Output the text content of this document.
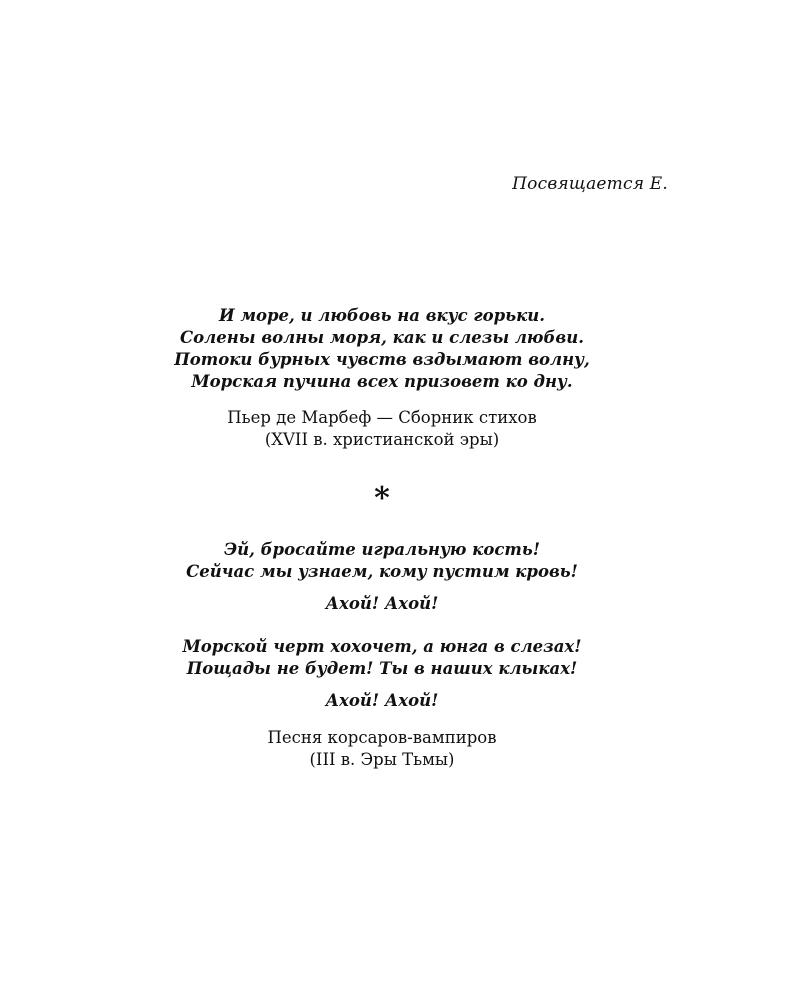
Посвящается Е.
И море, и любовь на вкус горьки.
Солены волны моря, как и слезы любви.
Потоки бурных чувств вздымают волну,
Морская пучина всех призовет ко дну.
Пьер де Марбеф — Сборник стихов
(XVII в. христианской эры)
*
Эй, бросайте игральную кость!
Сейчас мы узнаем, кому пустим кровь!
Ахой! Ахой!
Морской черт хохочет, а юнга в слезах!
Пощады не будет! Ты в наших клыках!
Ахой! Ахой!
Песня корсаров-вампиров
(III в. Эры Тьмы)
